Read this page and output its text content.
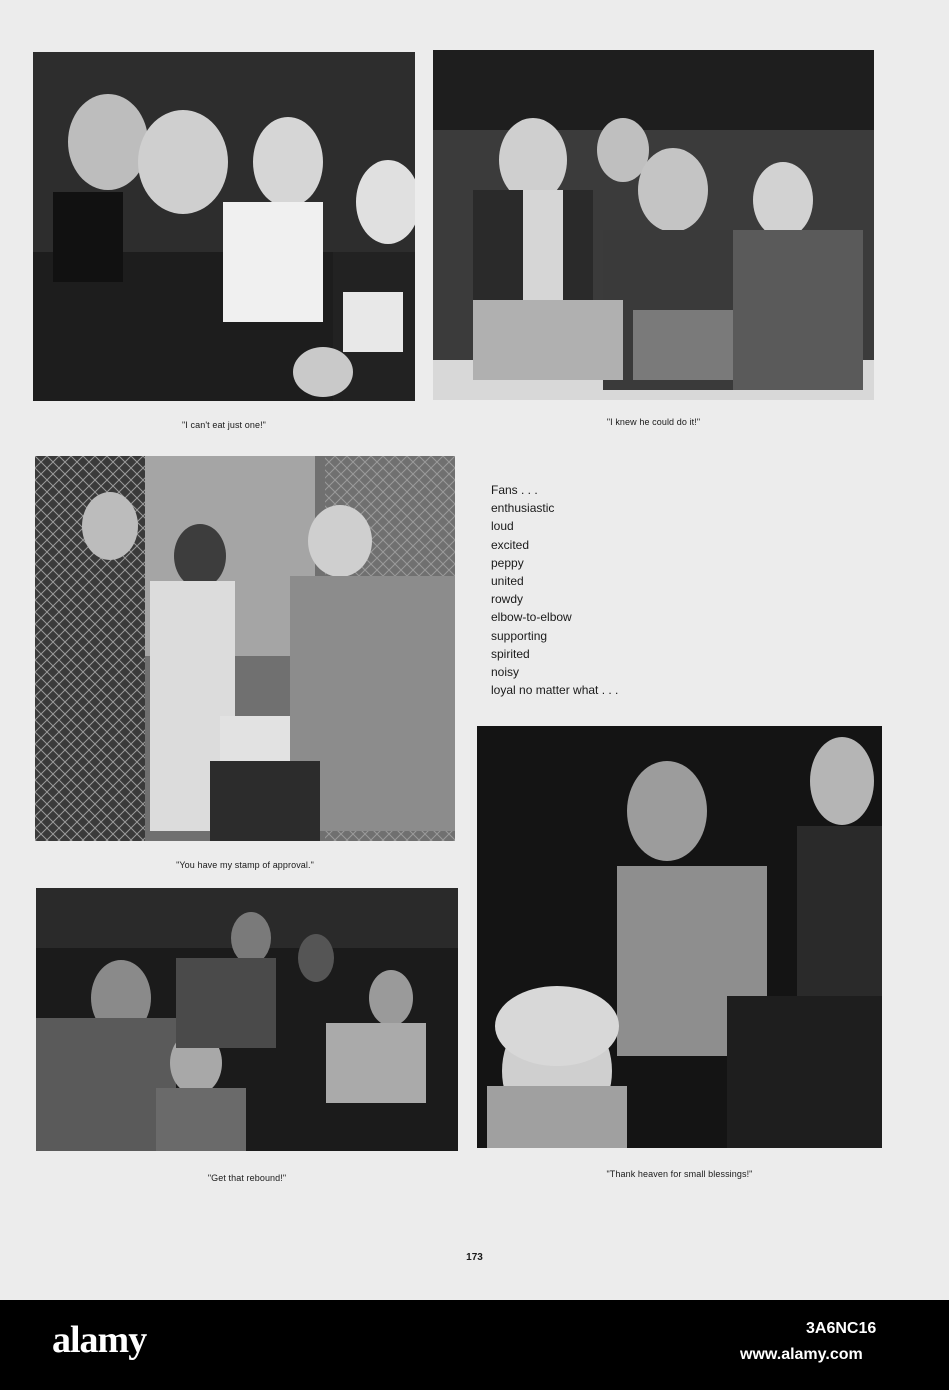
"I can't eat just one!"	"I knew he could do it!"
"You have my stamp of approval."
Fans . . .
enthusiastic
loud
excited
peppy
united
rowdy
elbow-to-elbow
supporting
spirited
noisy
loyal no matter what . . .
"Get that rebound!"	"Thank heaven for small blessings!"
173
alamy	3A6NC16
www.alamy.com
